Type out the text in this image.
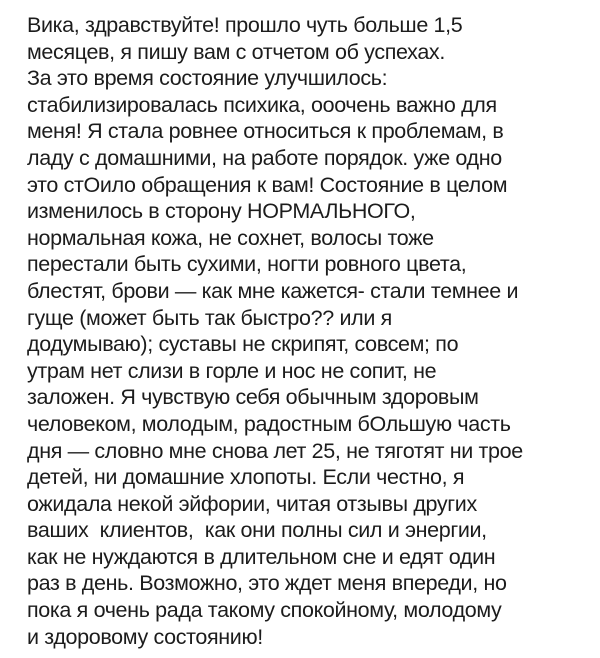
Вика, здравствуйте! прошло чуть больше 1,5
месяцев, я пишу вам с отчетом об успехах.
За это время состояние улучшилось:
стабилизировалась психика, ооочень важно для
меня! Я стала ровнее относиться к проблемам, в
ладу с домашними, на работе порядок. уже одно
это стОило обращения к вам! Состояние в целом
изменилось в сторону НОРМАЛЬНОГО,
нормальная кожа, не сохнет, волосы тоже
перестали быть сухими, ногти ровного цвета,
блестят, брови — как мне кажется- стали темнее и
гуще (может быть так быстро?? или я
додумываю); суставы не скрипят, совсем; по
утрам нет слизи в горле и нос не сопит, не
заложен. Я чувствую себя обычным здоровым
человеком, молодым, радостным бОльшую часть
дня — словно мне снова лет 25, не тяготят ни трое
детей, ни домашние хлопоты. Если честно, я
ожидала некой эйфории, читая отзывы других
ваших  клиентов,  как они полны сил и энергии,
как не нуждаются в длительном сне и едят один
раз в день. Возможно, это ждет меня впереди, но
пока я очень рада такому спокойному, молодому
и здоровому состоянию!
